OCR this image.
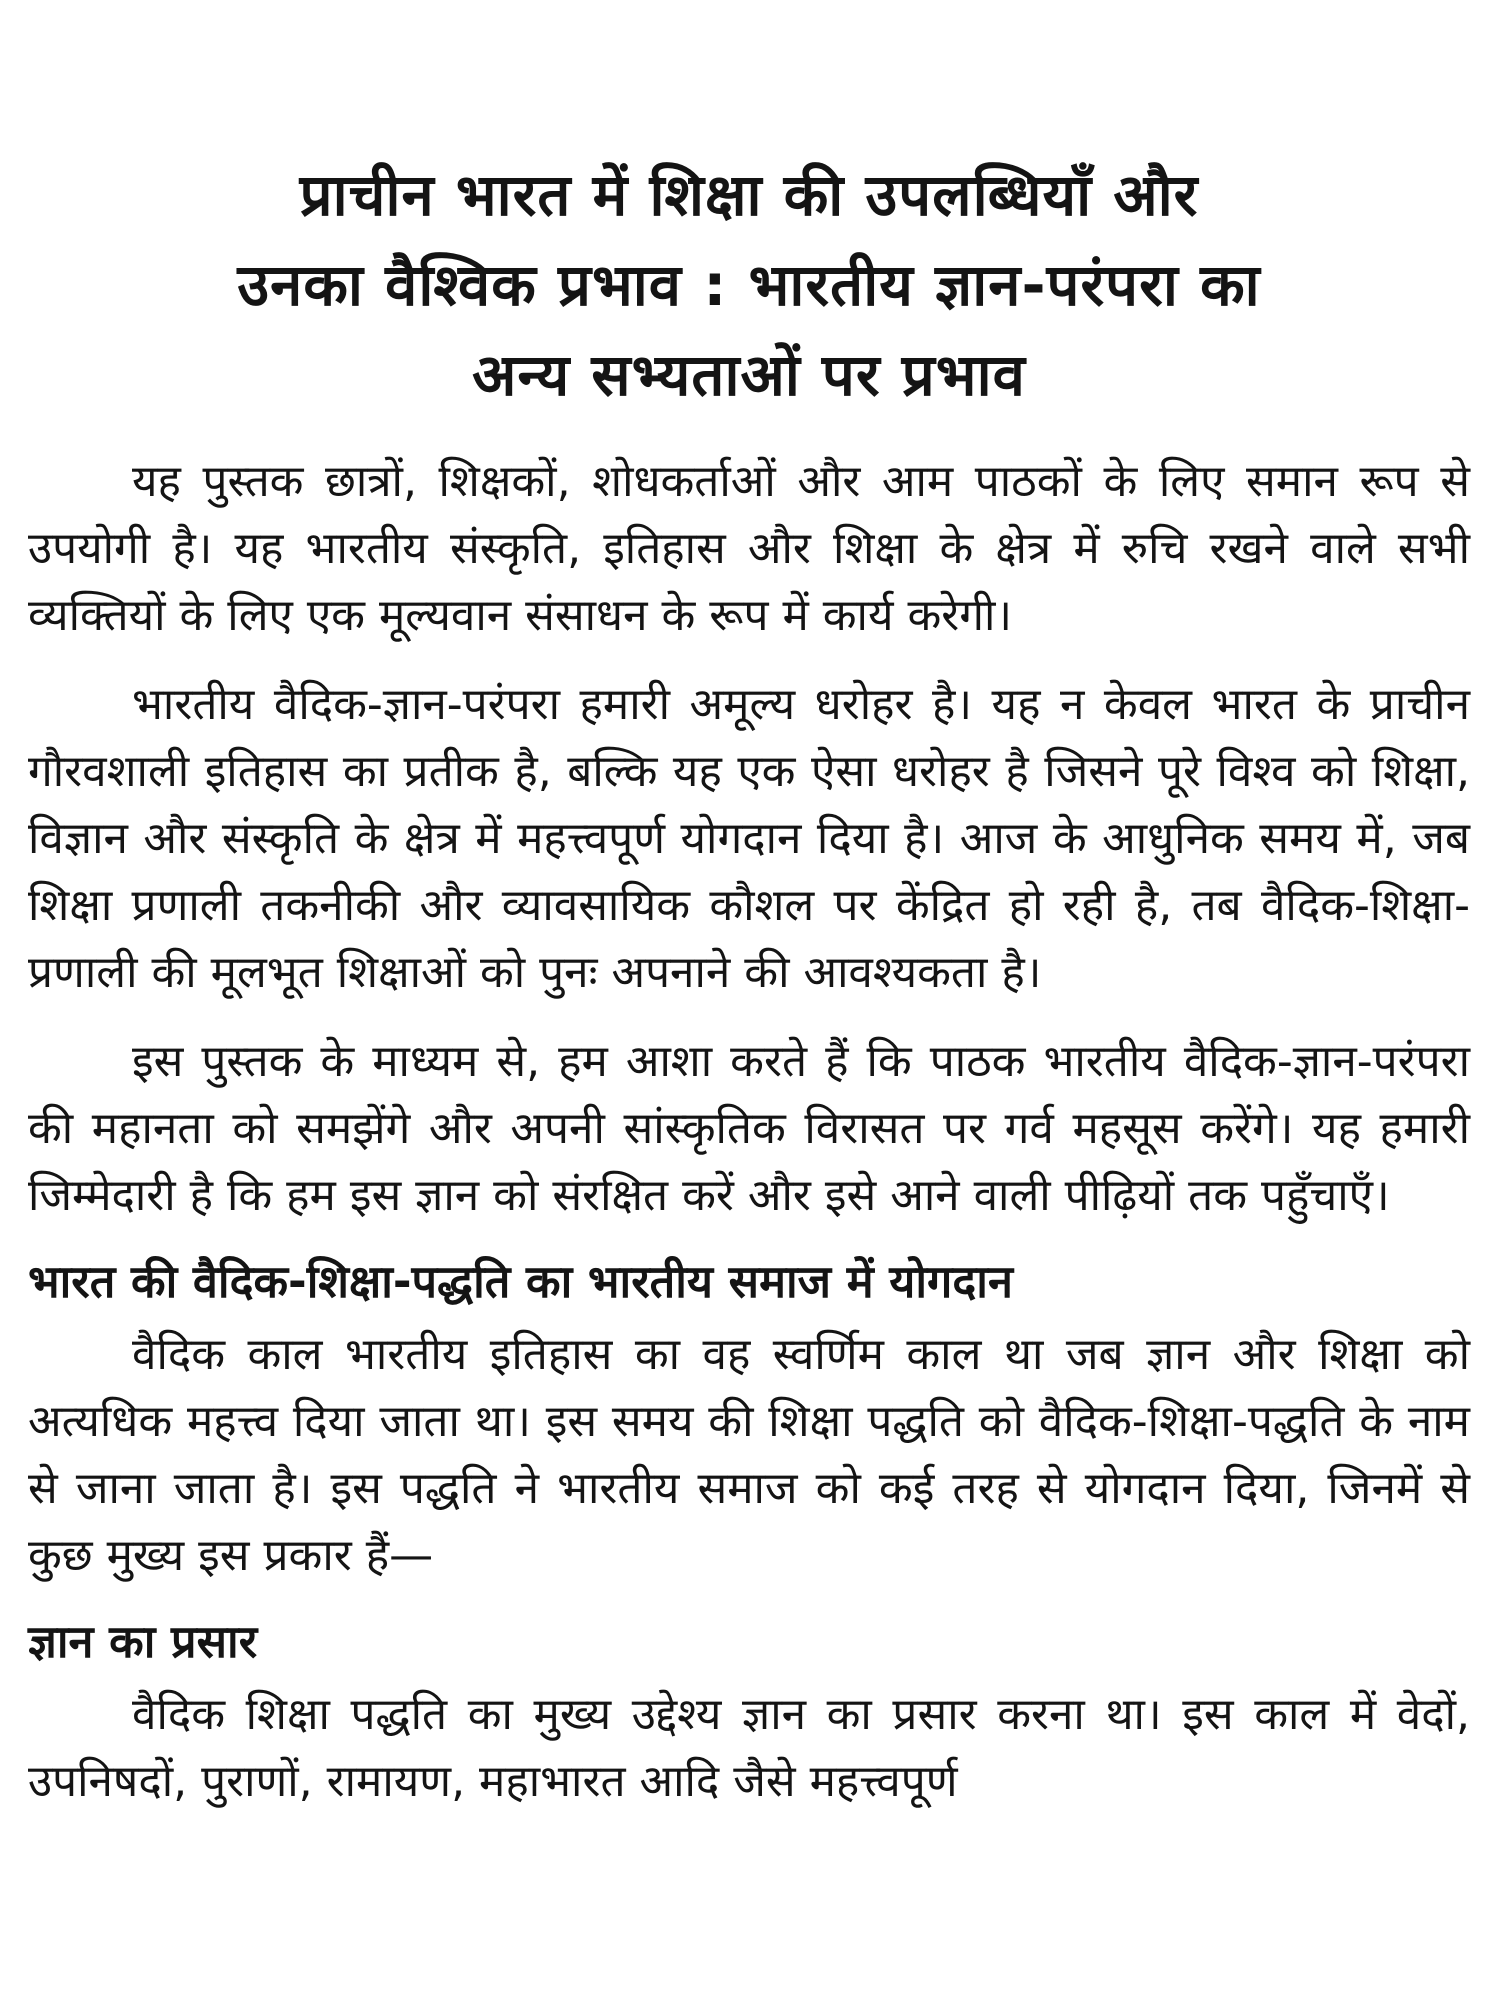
प्राचीन भारत में शिक्षा की उपलब्धियाँ और
उनका वैश्विक प्रभाव : भारतीय ज्ञान-परंपरा का
अन्य सभ्यताओं पर प्रभाव

यह पुस्तक छात्रों, शिक्षकों, शोधकर्ताओं और आम पाठकों के लिए समान रूप से उपयोगी है। यह भारतीय संस्कृति, इतिहास और शिक्षा के क्षेत्र में रुचि रखने वाले सभी व्यक्तियों के लिए एक मूल्यवान संसाधन के रूप में कार्य करेगी।

भारतीय वैदिक-ज्ञान-परंपरा हमारी अमूल्य धरोहर है। यह न केवल भारत के प्राचीन गौरवशाली इतिहास का प्रतीक है, बल्कि यह एक ऐसा धरोहर है जिसने पूरे विश्व को शिक्षा, विज्ञान और संस्कृति के क्षेत्र में महत्त्वपूर्ण योगदान दिया है। आज के आधुनिक समय में, जब शिक्षा प्रणाली तकनीकी और व्यावसायिक कौशल पर केंद्रित हो रही है, तब वैदिक-शिक्षा-प्रणाली की मूलभूत शिक्षाओं को पुनः अपनाने की आवश्यकता है।

इस पुस्तक के माध्यम से, हम आशा करते हैं कि पाठक भारतीय वैदिक-ज्ञान-परंपरा की महानता को समझेंगे और अपनी सांस्कृतिक विरासत पर गर्व महसूस करेंगे। यह हमारी जिम्मेदारी है कि हम इस ज्ञान को संरक्षित करें और इसे आने वाली पीढ़ियों तक पहुँचाएँ।

भारत की वैदिक-शिक्षा-पद्धति का भारतीय समाज में योगदान

वैदिक काल भारतीय इतिहास का वह स्वर्णिम काल था जब ज्ञान और शिक्षा को अत्यधिक महत्त्व दिया जाता था। इस समय की शिक्षा पद्धति को वैदिक-शिक्षा-पद्धति के नाम से जाना जाता है। इस पद्धति ने भारतीय समाज को कई तरह से योगदान दिया, जिनमें से कुछ मुख्य इस प्रकार हैं—

ज्ञान का प्रसार

वैदिक शिक्षा पद्धति का मुख्य उद्देश्य ज्ञान का प्रसार करना था। इस काल में वेदों, उपनिषदों, पुराणों, रामायण, महाभारत आदि जैसे महत्त्वपूर्ण
